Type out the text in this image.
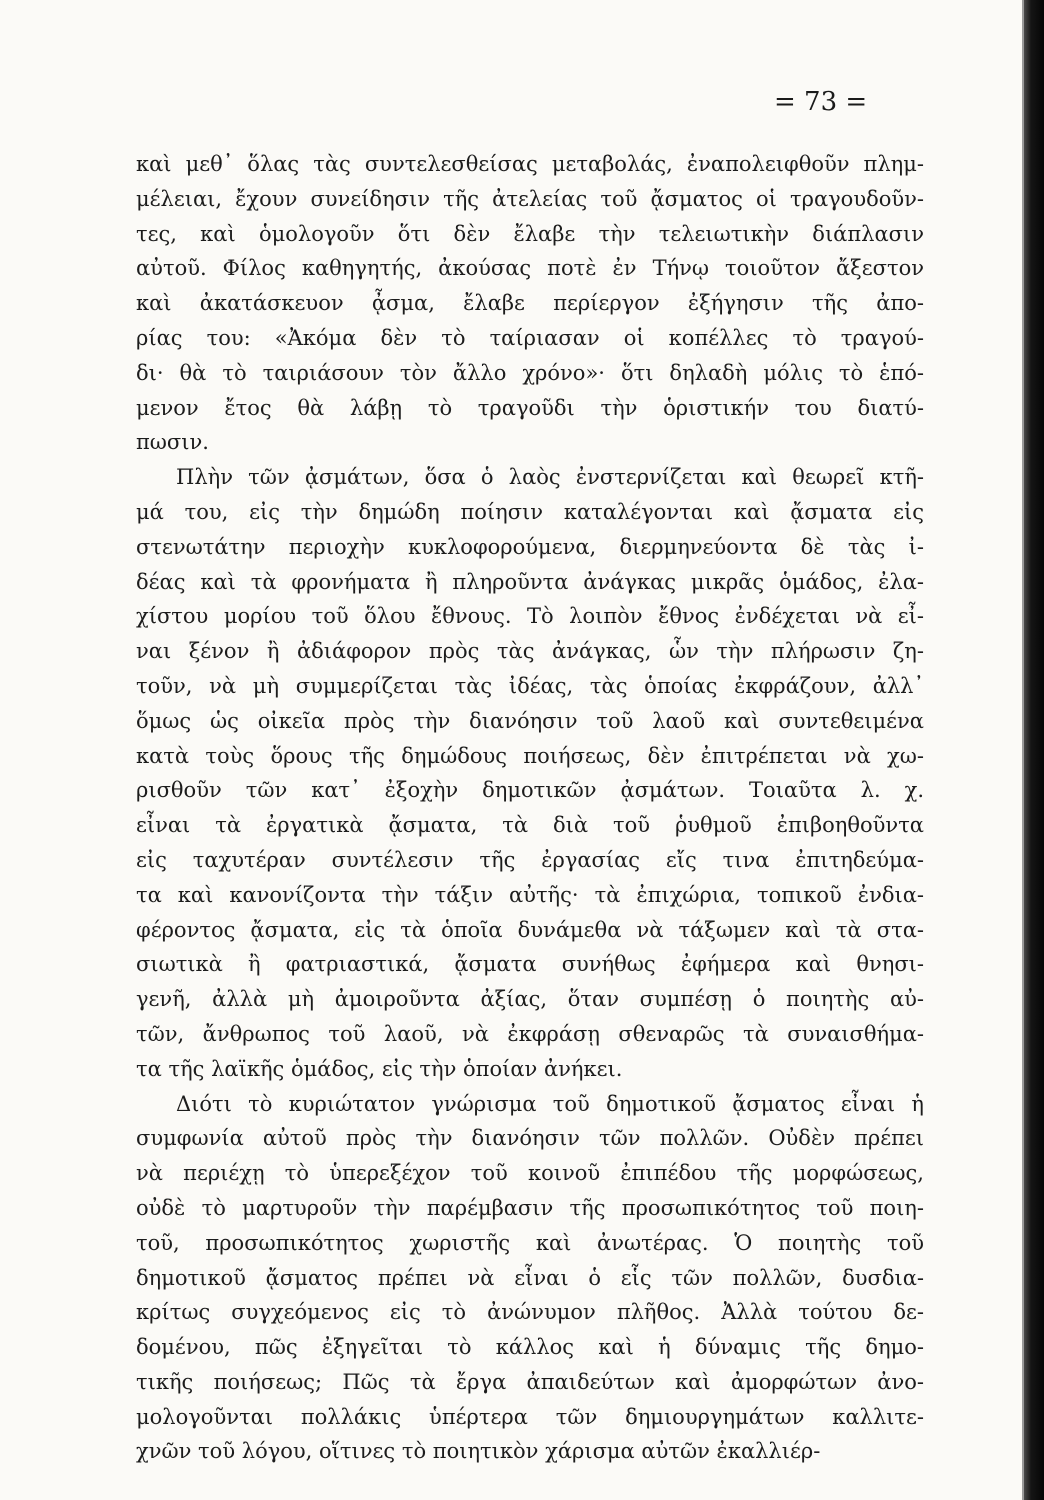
= 73 =
καὶ μεθ᾽ ὅλας τὰς συντελεσθείσας μεταβολάς, ἐναπολειφθοῦν πλημ-
μέλειαι, ἔχουν συνείδησιν τῆς ἀτελείας τοῦ ᾄσματος οἱ τραγουδοῦν-
τες, καὶ ὁμολογοῦν ὅτι δὲν ἔλαβε τὴν τελειωτικὴν διάπλασιν
αὐτοῦ. Φίλος καθηγητής, ἀκούσας ποτὲ ἐν Τήνῳ τοιοῦτον ἄξεστον
καὶ ἀκατάσκευον ᾆσμα, ἔλαβε περίεργον ἐξήγησιν τῆς ἀπο-
ρίας του: «Ἀκόμα δὲν τὸ ταίριασαν οἱ κοπέλλες τὸ τραγού-
δι· θὰ τὸ ταιριάσουν τὸν ἄλλο χρόνο»· ὅτι δηλαδὴ μόλις τὸ ἑπό-
μενον ἔτος θὰ λάβῃ τὸ τραγοῦδι τὴν ὁριστικήν του διατύ-
πωσιν.
Πλὴν τῶν ᾀσμάτων, ὅσα ὁ λαὸς ἐνστερνίζεται καὶ θεωρεῖ κτῆ-
μά του, εἰς τὴν δημώδη ποίησιν καταλέγονται καὶ ᾄσματα εἰς
στενωτάτην περιοχὴν κυκλοφορούμενα, διερμηνεύοντα δὲ τὰς ἰ-
δέας καὶ τὰ φρονήματα ἢ πληροῦντα ἀνάγκας μικρᾶς ὁμάδος, ἐλα-
χίστου μορίου τοῦ ὅλου ἔθνους. Τὸ λοιπὸν ἔθνος ἐνδέχεται νὰ εἶ-
ναι ξένον ἢ ἀδιάφορον πρὸς τὰς ἀνάγκας, ὧν τὴν πλήρωσιν ζη-
τοῦν, νὰ μὴ συμμερίζεται τὰς ἰδέας, τὰς ὁποίας ἐκφράζουν, ἀλλ᾽
ὅμως ὡς οἰκεῖα πρὸς τὴν διανόησιν τοῦ λαοῦ καὶ συντεθειμένα
κατὰ τοὺς ὅρους τῆς δημώδους ποιήσεως, δὲν ἐπιτρέπεται νὰ χω-
ρισθοῦν τῶν κατ᾽ ἐξοχὴν δημοτικῶν ᾀσμάτων. Τοιαῦτα λ. χ.
εἶναι τὰ ἐργατικὰ ᾄσματα, τὰ διὰ τοῦ ῥυθμοῦ ἐπιβοηθοῦντα
εἰς ταχυτέραν συντέλεσιν τῆς ἐργασίας εἴς τινα ἐπιτηδεύμα-
τα καὶ κανονίζοντα τὴν τάξιν αὐτῆς· τὰ ἐπιχώρια, τοπικοῦ ἐνδια-
φέροντος ᾄσματα, εἰς τὰ ὁποῖα δυνάμεθα νὰ τάξωμεν καὶ τὰ στα-
σιωτικὰ ἢ φατριαστικά, ᾄσματα συνήθως ἐφήμερα καὶ θνησι-
γενῆ, ἀλλὰ μὴ ἀμοιροῦντα ἀξίας, ὅταν συμπέσῃ ὁ ποιητὴς αὐ-
τῶν, ἄνθρωπος τοῦ λαοῦ, νὰ ἐκφράσῃ σθεναρῶς τὰ συναισθήμα-
τα τῆς λαϊκῆς ὁμάδος, εἰς τὴν ὁποίαν ἀνήκει.
Διότι τὸ κυριώτατον γνώρισμα τοῦ δημοτικοῦ ᾄσματος εἶναι ἡ
συμφωνία αὐτοῦ πρὸς τὴν διανόησιν τῶν πολλῶν. Οὐδὲν πρέπει
νὰ περιέχῃ τὸ ὑπερεξέχον τοῦ κοινοῦ ἐπιπέδου τῆς μορφώσεως,
οὐδὲ τὸ μαρτυροῦν τὴν παρέμβασιν τῆς προσωπικότητος τοῦ ποιη-
τοῦ, προσωπικότητος χωριστῆς καὶ ἀνωτέρας. Ὁ ποιητὴς τοῦ
δημοτικοῦ ᾄσματος πρέπει νὰ εἶναι ὁ εἷς τῶν πολλῶν, δυσδια-
κρίτως συγχεόμενος εἰς τὸ ἀνώνυμον πλῆθος. Ἀλλὰ τούτου δε-
δομένου, πῶς ἐξηγεῖται τὸ κάλλος καὶ ἡ δύναμις τῆς δημο-
τικῆς ποιήσεως; Πῶς τὰ ἔργα ἀπαιδεύτων καὶ ἀμορφώτων ἀνο-
μολογοῦνται πολλάκις ὑπέρτερα τῶν δημιουργημάτων καλλιτε-
χνῶν τοῦ λόγου, οἵτινες τὸ ποιητικὸν χάρισμα αὐτῶν ἐκαλλιέρ-
